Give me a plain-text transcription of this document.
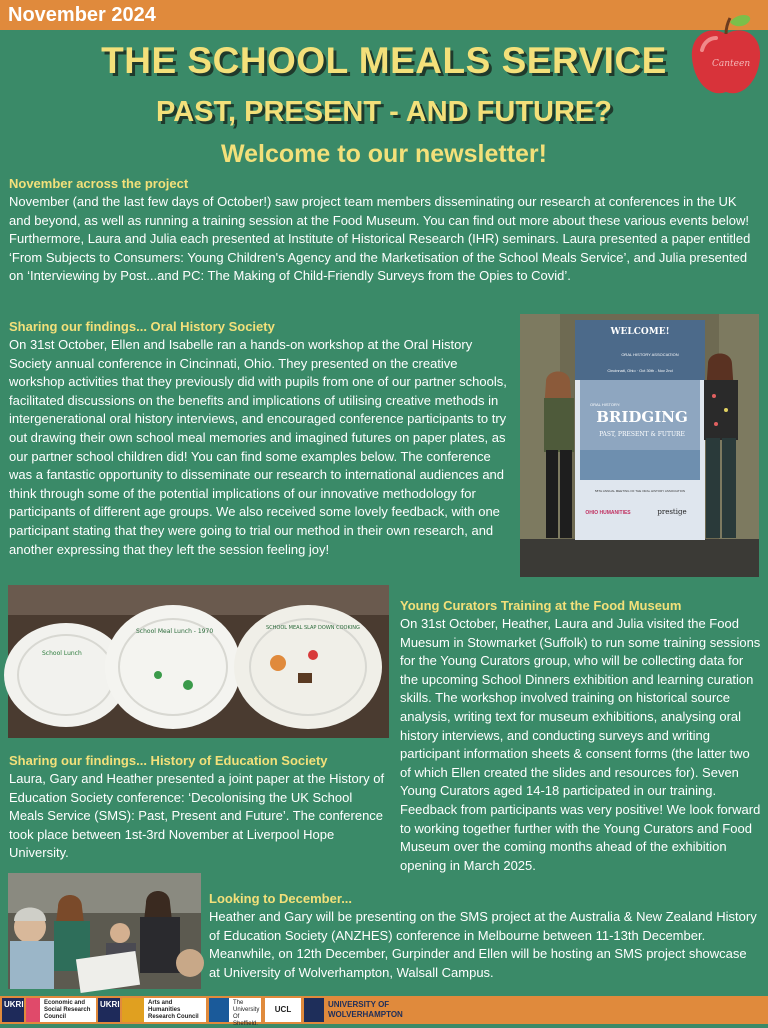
November 2024
Canteen
THE SCHOOL MEALS SERVICE
PAST, PRESENT - AND FUTURE?
Welcome to our newsletter!
November across the project
November (and the last few days of October!) saw project team members disseminating our research at conferences in the UK and beyond, as well as running a training session at the Food Museum. You can find out more about these various events below! Furthermore, Laura and Julia each presented at Institute of Historical Research (IHR) seminars. Laura presented a paper entitled ‘From Subjects to Consumers: Young Children's Agency and the Marketisation of the School Meals Service’, and Julia presented on ‘Interviewing by Post...and PC: The Making of Child-Friendly Surveys from the Opies to Covid’.
Sharing our findings... Oral History Society
On 31st October, Ellen and Isabelle ran a hands-on workshop at the Oral History Society annual conference in Cincinnati, Ohio. They presented on the creative workshop activities that they previously did with pupils from one of our partner schools, facilitated discussions on the benefits and implications of utilising creative methods in intergenerational oral history interviews, and encouraged conference participants to try out drawing their own school meal memories and imagined futures on paper plates, as our partner school children did! You can find some examples below. The conference was a fantastic opportunity to disseminate our research to international audiences and think through some of the potential implications of our innovative methodology for participants of different age groups. We also received some lovely feedback, with one participant stating that they were going to trial our method in their own research, and another expressing that they left the session feeling joy!
WELCOME!
ORAL HISTORY ASSOCIATION
Cincinnati, Ohio · Oct 30th - Nov 2nd
ORAL HISTORY:
BRIDGING
PAST, PRESENT & FUTURE
58TH ANNUAL MEETING OF THE ORAL HISTORY ASSOCIATION
OHIO HUMANITIES	prestige
School Lunch
School Meal Lunch - 1970	SCHOOL MEAL SLAP DOWN COOKING
Young Curators Training at the Food Museum
On 31st October, Heather, Laura and Julia visited the Food Muesum in Stowmarket (Suffolk) to run some training sessions for the Young Curators group, who will be collecting data for the upcoming School Dinners exhibition and learning curation skills. The workshop involved training on historical source analysis, writing text for museum exhibitions, analysing oral history interviews, and conducting surveys and writing participant information sheets & consent forms (the latter two of which Ellen created the slides and resources for). Seven Young Curators aged 14-18 participated in our training. Feedback from participants was very positive! We look forward to working together further with the Young Curators and Food Museum over the coming months ahead of the exhibition opening in March 2025.
Sharing our findings... History of Education Society
Laura, Gary and Heather presented a joint paper at the History of Education Society conference: ‘Decolonising the UK School Meals Service (SMS): Past, Present and Future’. The conference took place between 1st-3rd November at Liverpool Hope University.
Looking to December...
Heather and Gary will be presenting on the SMS project at the Australia & New Zealand History of Education Society (ANZHES) conference in Melbourne between 11-13th December. Meanwhile, on 12th December, Gurpinder and Ellen will be hosting an SMS project showcase at University of Wolverhampton, Walsall Campus.
UKRI	Economic and Social Research Council
UKRI	Arts and Humanities Research Council
The University Of Sheffield.
UCL
UNIVERSITY OF WOLVERHAMPTON
